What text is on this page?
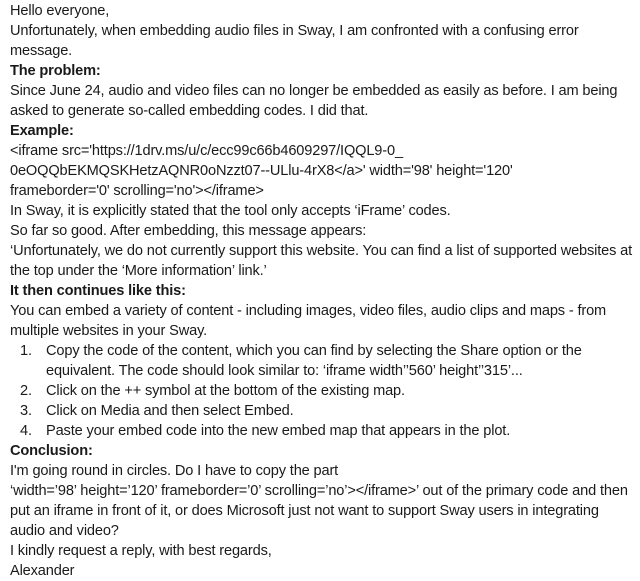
Hello everyone,

Unfortunately, when embedding audio files in Sway, I am confronted with a confusing error message.

The problem:

Since June 24, audio and video files can no longer be embedded as easily as before. I am being asked to generate so-called embedding codes. I did that.

Example:

<iframe src='https://1drv.ms/u/c/ecc99c66b4609297/IQQL9-0_

0eOQQbEKMQSKHetzAQNR0oNzzt07--ULlu-4rX8</a>' width='98' height='120'

frameborder='0' scrolling='no'></iframe>

In Sway, it is explicitly stated that the tool only accepts ‘iFrame’ codes.

So far so good. After embedding, this message appears:

‘Unfortunately, we do not currently support this website. You can find a list of supported websites at the top under the ‘More information’ link.’

It then continues like this:

You can embed a variety of content - including images, video files, audio clips and maps - from multiple websites in your Sway.

1. Copy the code of the content, which you can find by selecting the Share option or the equivalent. The code should look similar to: ‘iframe width’’560’ height’’315’...
2. Click on the ++ symbol at the bottom of the existing map.
3. Click on Media and then select Embed.
4. Paste your embed code into the new embed map that appears in the plot.

Conclusion:

I'm going round in circles. Do I have to copy the part

‘width=’98’ height=’120’ frameborder=’0’ scrolling=’no’></iframe>’ out of the primary code and then put an iframe in front of it, or does Microsoft just not want to support Sway users in integrating audio and video?

I kindly request a reply, with best regards,

Alexander
